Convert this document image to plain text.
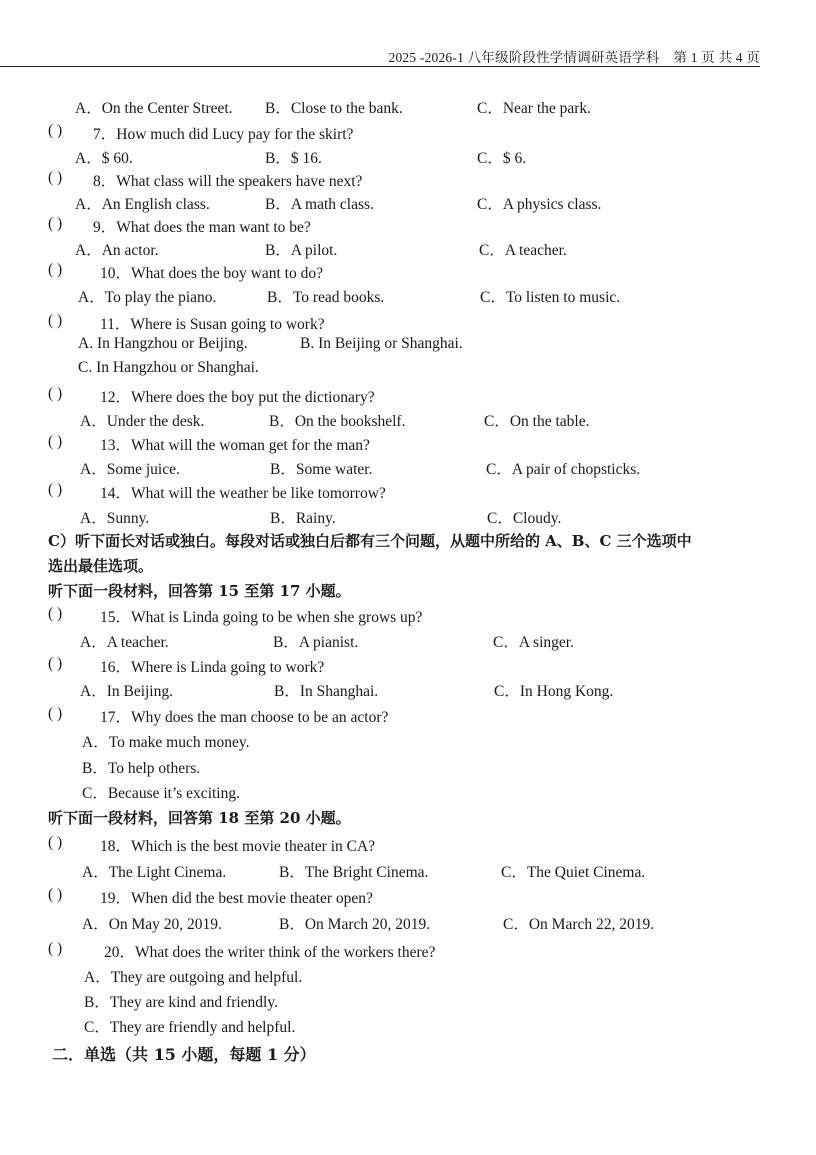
2025 -2026-1 八年级阶段性学情调研英语学科 第 1 页 共 4 页
A．On the Center Street. B．Close to the bank.	C．Near the park.
( ) 7．How much did Lucy pay for the skirt?
A．$ 60.	B．$ 16.	C．$ 6.
( ) 8．What class will the speakers have next?
A．An English class.	B．A math class.	C．A physics class.
( ) 9．What does the man want to be?
A．An actor.	B．A pilot.	C．A teacher.
( ) 10．What does the boy want to do?
A．To play the piano.	B．To read books.	C．To listen to music.
( ) 11．Where is Susan going to work?
A. In Hangzhou or Beijing.	B. In Beijing or Shanghai.
C. In Hangzhou or Shanghai.
( ) 12．Where does the boy put the dictionary?
A．Under the desk.	B．On the bookshelf.	C．On the table.
( ) 13．What will the woman get for the man?
A．Some juice.	B．Some water.	C．A pair of chopsticks.
( ) 14．What will the weather be like tomorrow?
A．Sunny.	B．Rainy.	C．Cloudy.
C）听下面长对话或独白。每段对话或独白后都有三个问题，从题中所给的 A、B、C 三个选项中
选出最佳选项。
听下面一段材料，回答第 15 至第 17 小题。
( ) 15．What is Linda going to be when she grows up?
A．A teacher.	B．A pianist.	C．A singer.
( ) 16．Where is Linda going to work?
A．In Beijing.	B．In Shanghai.	C．In Hong Kong.
( ) 17．Why does the man choose to be an actor?
A．To make much money.
B．To help others.
C．Because it’s exciting.
听下面一段材料，回答第 18 至第 20 小题。
( ) 18．Which is the best movie theater in CA?
A．The Light Cinema.	B．The Bright Cinema.	C．The Quiet Cinema.
( ) 19．When did the best movie theater open?
A．On May 20, 2019.	B．On March 20, 2019.	C．On March 22, 2019.
( )	20．What does the writer think of the workers there?
A．They are outgoing and helpful.
B．They are kind and friendly.
C．They are friendly and helpful.
二．单选（共 15 小题，每题 1 分）
